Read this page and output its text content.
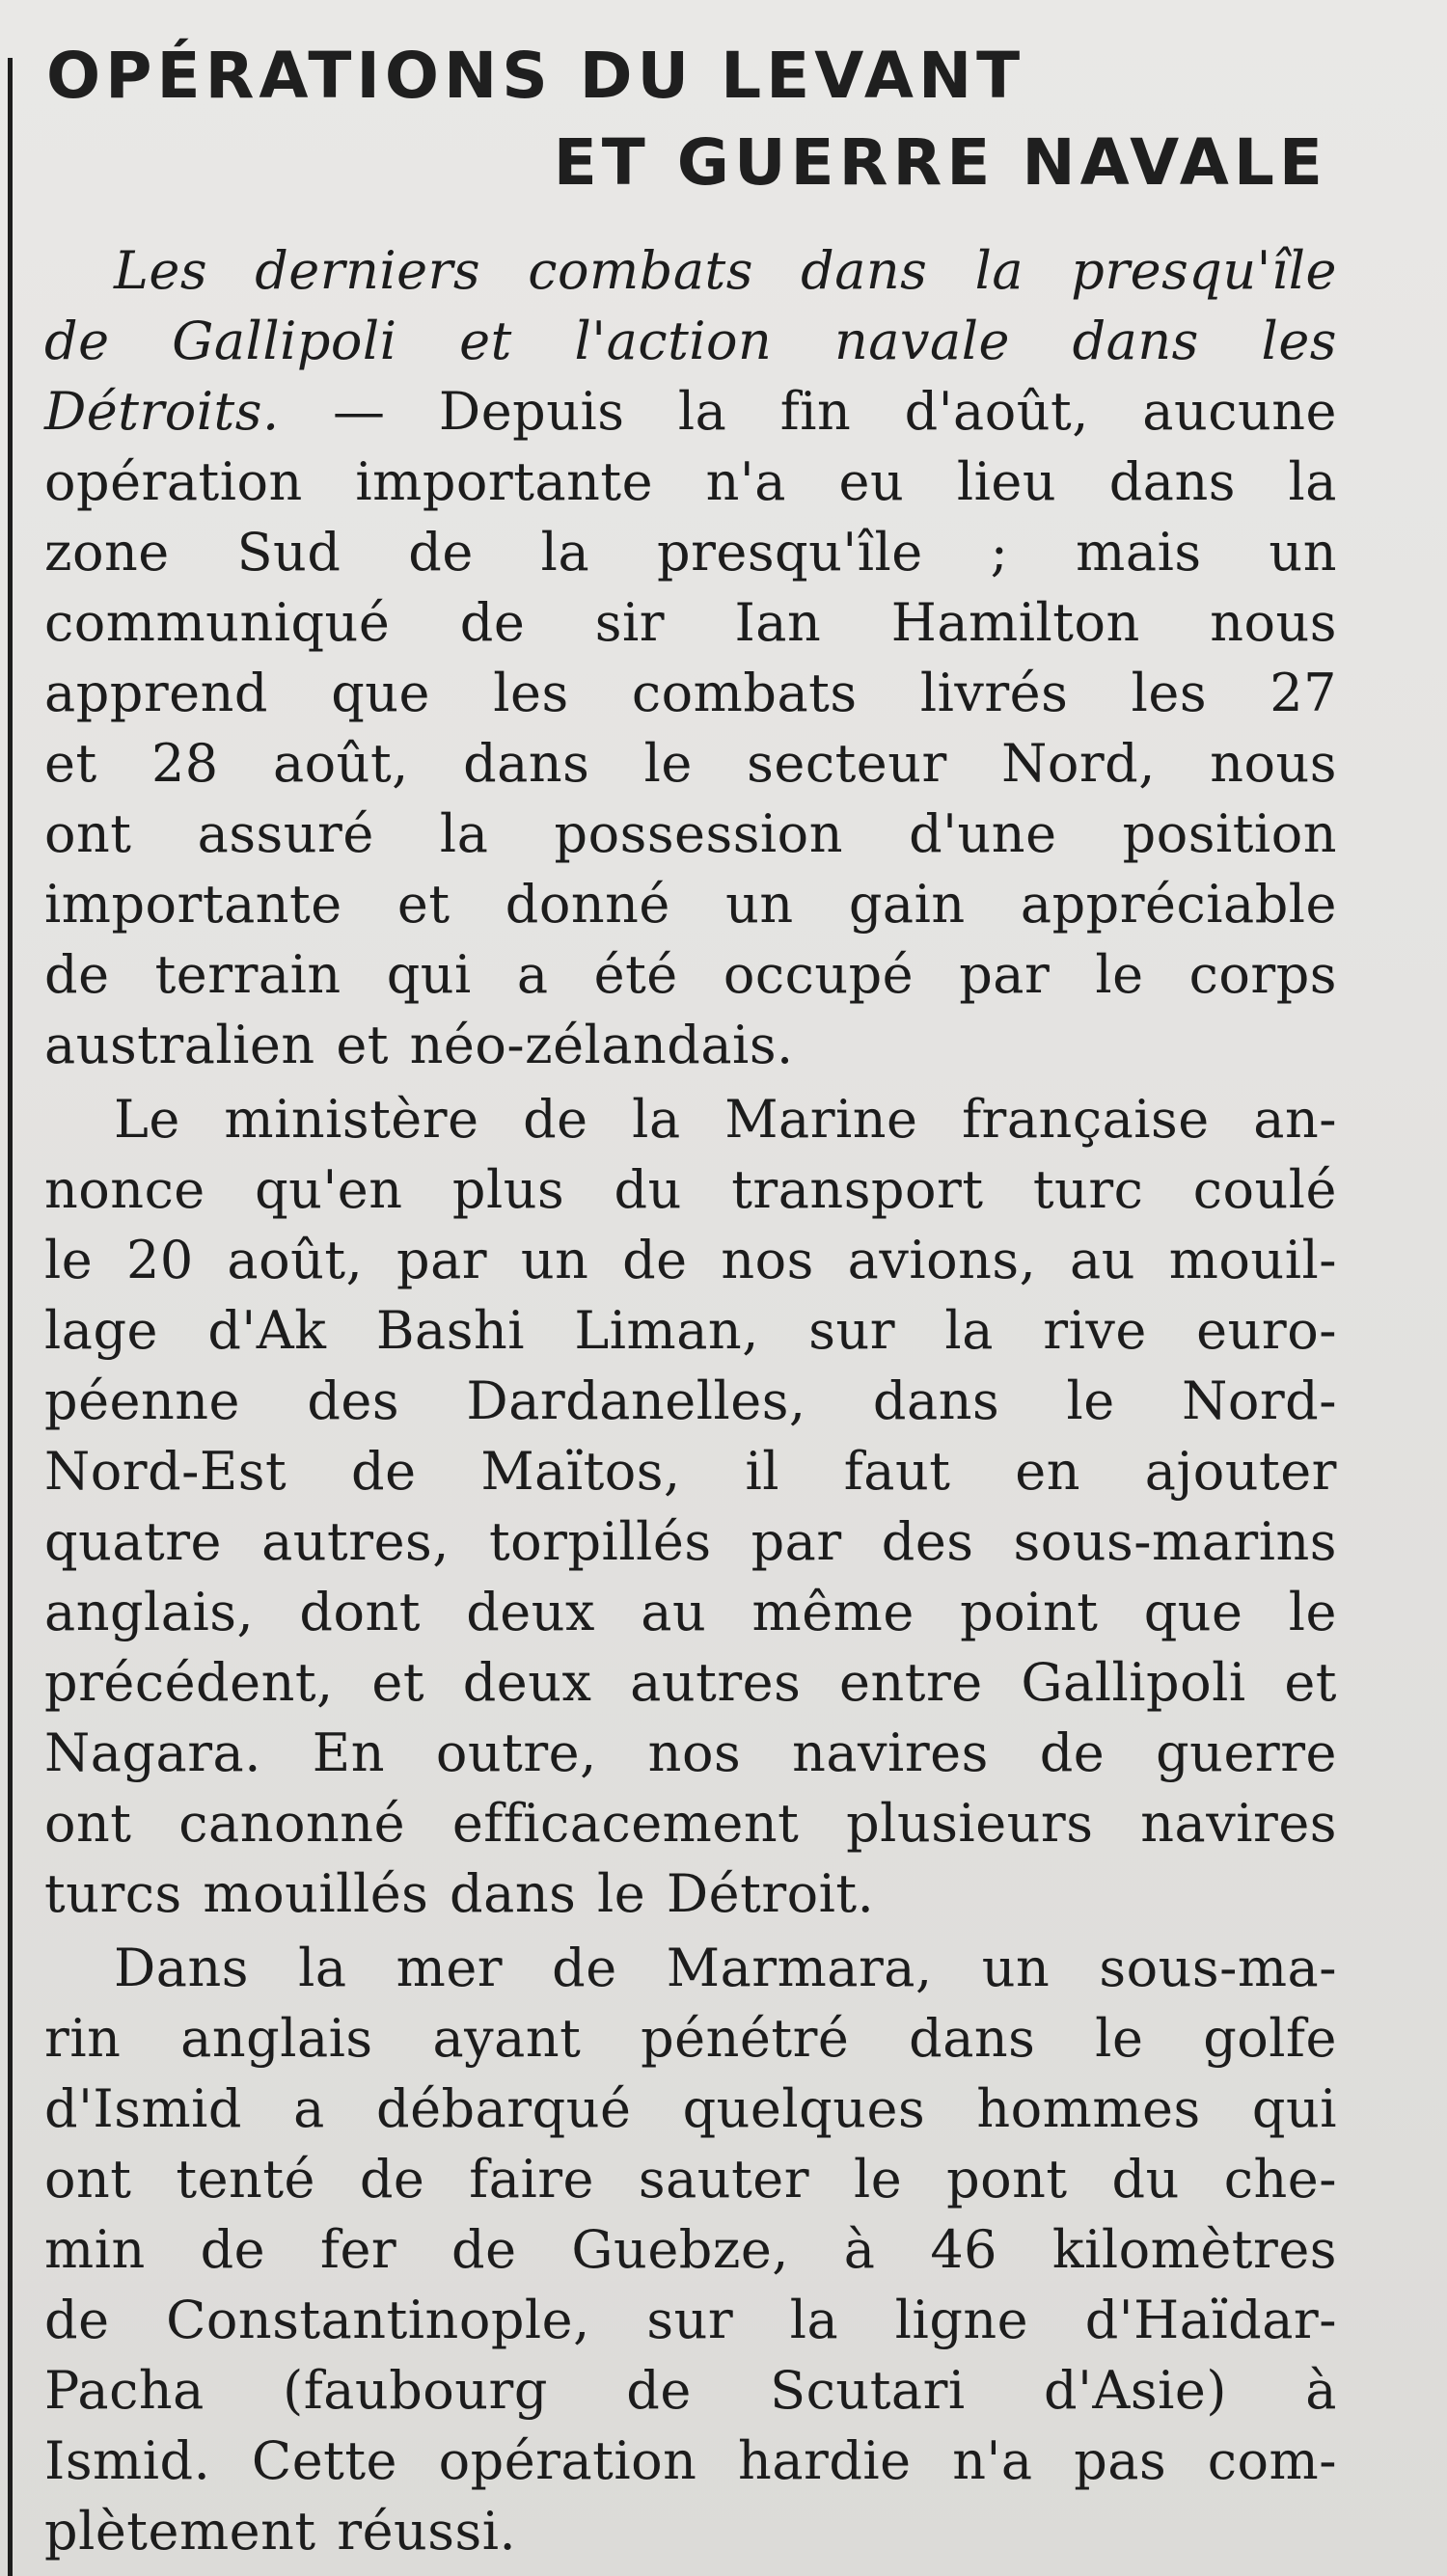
OPÉRATIONS DU LEVANT
ET GUERRE NAVALE

Les derniers combats dans la presqu'île
de Gallipoli et l'action navale dans les
Détroits. — Depuis la fin d'août, aucune
opération importante n'a eu lieu dans la
zone Sud de la presqu'île ; mais un
communiqué de sir Ian Hamilton nous
apprend que les combats livrés les 27
et 28 août, dans le secteur Nord, nous
ont assuré la possession d'une position
importante et donné un gain appréciable
de terrain qui a été occupé par le corps
australien et néo-zélandais.

Le ministère de la Marine française an-
nonce qu'en plus du transport turc coulé
le 20 août, par un de nos avions, au mouil-
lage d'Ak Bashi Liman, sur la rive euro-
péenne des Dardanelles, dans le Nord-
Nord-Est de Maïtos, il faut en ajouter
quatre autres, torpillés par des sous-marins
anglais, dont deux au même point que le
précédent, et deux autres entre Gallipoli et
Nagara. En outre, nos navires de guerre
ont canonné efficacement plusieurs navires
turcs mouillés dans le Détroit.

Dans la mer de Marmara, un sous-ma-
rin anglais ayant pénétré dans le golfe
d'Ismid a débarqué quelques hommes qui
ont tenté de faire sauter le pont du che-
min de fer de Guebze, à 46 kilomètres
de Constantinople, sur la ligne d'Haïdar-
Pacha (faubourg de Scutari d'Asie) à
Ismid. Cette opération hardie n'a pas com-
plètement réussi.
